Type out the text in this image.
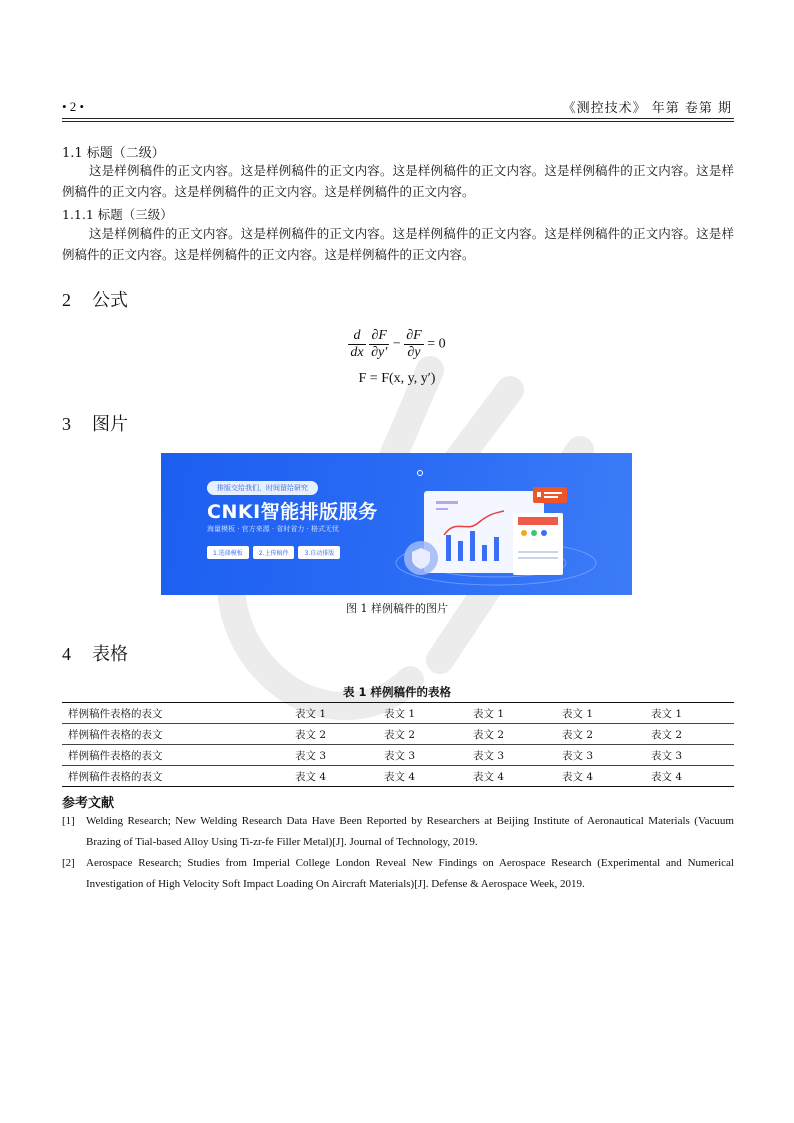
• 2 •	《测控技术》 年第 卷第 期
1.1 标题（二级）
这是样例稿件的正文内容。这是样例稿件的正文内容。这是样例稿件的正文内容。这是样例稿件的正文内容。这是样例稿件的正文内容。这是样例稿件的正文内容。这是样例稿件的正文内容。
1.1.1 标题（三级）
这是样例稿件的正文内容。这是样例稿件的正文内容。这是样例稿件的正文内容。这是样例稿件的正文内容。这是样例稿件的正文内容。这是样例稿件的正文内容。这是样例稿件的正文内容。
2 公式
$\frac{d}{dx}$
$\frac{\partial F}{\partial y'} - \frac{\partial F}{\partial y} = 0$
F = F(x, y, y′)
3 图片
排版交给我们，时间留给研究
CNKI智能排版服务
海量模板 · 官方来源 · 省时省力 · 格式无忧
1.选择模板	2.上传稿件	3.自动排版
图 1 样例稿件的图片
4 表格
表 1 样例稿件的表格
样例稿件表格的表文	表文 1	表文 1	表文 1	表文 1	表文 1
样例稿件表格的表文	表文 2	表文 2	表文 2	表文 2	表文 2
样例稿件表格的表文	表文 3	表文 3	表文 3	表文 3	表文 3
样例稿件表格的表文	表文 4	表文 4	表文 4	表文 4	表文 4
参考文献
[1]	Welding Research; New Welding Research Data Have Been Reported by Researchers at Beijing Institute of Aeronautical Materials (Vacuum Brazing of Tial-based Alloy Using Ti-zr-fe Filler Metal)[J]. Journal of Technology, 2019.
[2]	Aerospace Research; Studies from Imperial College London Reveal New Findings on Aerospace Research (Experimental and Numerical Investigation of High Velocity Soft Impact Loading On Aircraft Materials)[J]. Defense & Aerospace Week, 2019.
